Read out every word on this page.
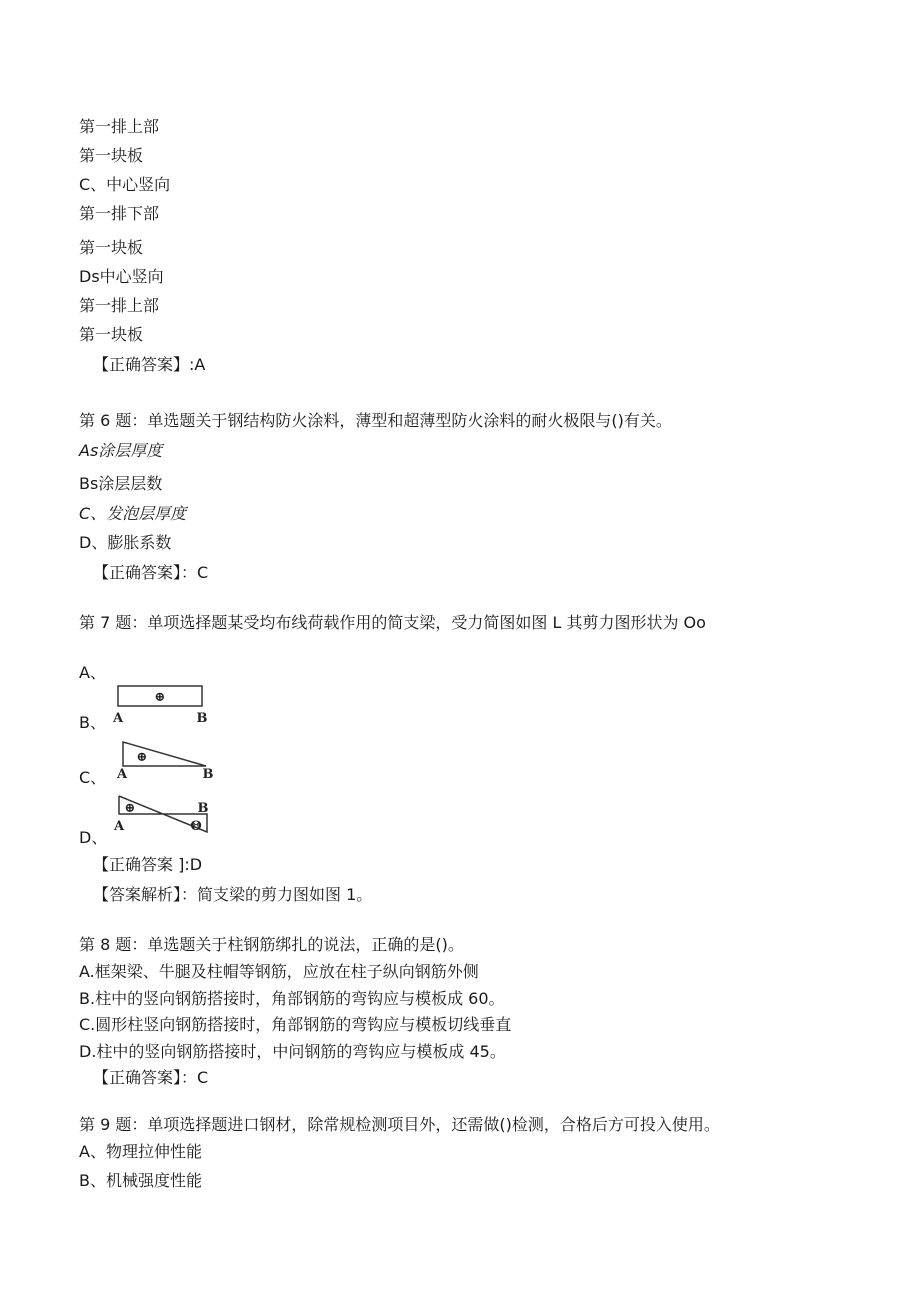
第一排上部
第一块板
C、中心竖向
第一排下部
第一块板
Ds中心竖向
第一排上部
第一块板
【正确答案】:A
第 6 题：单选题关于钢结构防火涂料，薄型和超薄型防火涂料的耐火极限与()有关。
As涂层厚度
Bs涂层层数
C、发泡层厚度
D、膨胀系数
【正确答案】：C
第 7 题：单项选择题某受均布线荷载作用的简支梁，受力简图如图 L 其剪力图形状为 Oo
A、
B、
C、
D、
⊕
A	B
⊕
A	B
⊕
Θ
A
B
【正确答案 ]:D
【答案解析】：简支梁的剪力图如图 1。
第 8 题：单选题关于柱钢筋绑扎的说法，正确的是()。
A.框架梁、牛腿及柱帽等钢筋，应放在柱子纵向钢筋外侧
B.柱中的竖向钢筋搭接时，角部钢筋的弯钩应与模板成 60。
C.圆形柱竖向钢筋搭接时，角部钢筋的弯钩应与模板切线垂直
D.柱中的竖向钢筋搭接时，中问钢筋的弯钩应与模板成 45。
【正确答案】：C
第 9 题：单项选择题进口钢材，除常规检测项目外，还需做()检测，合格后方可投入使用。
A、物理拉伸性能
B、机械强度性能
